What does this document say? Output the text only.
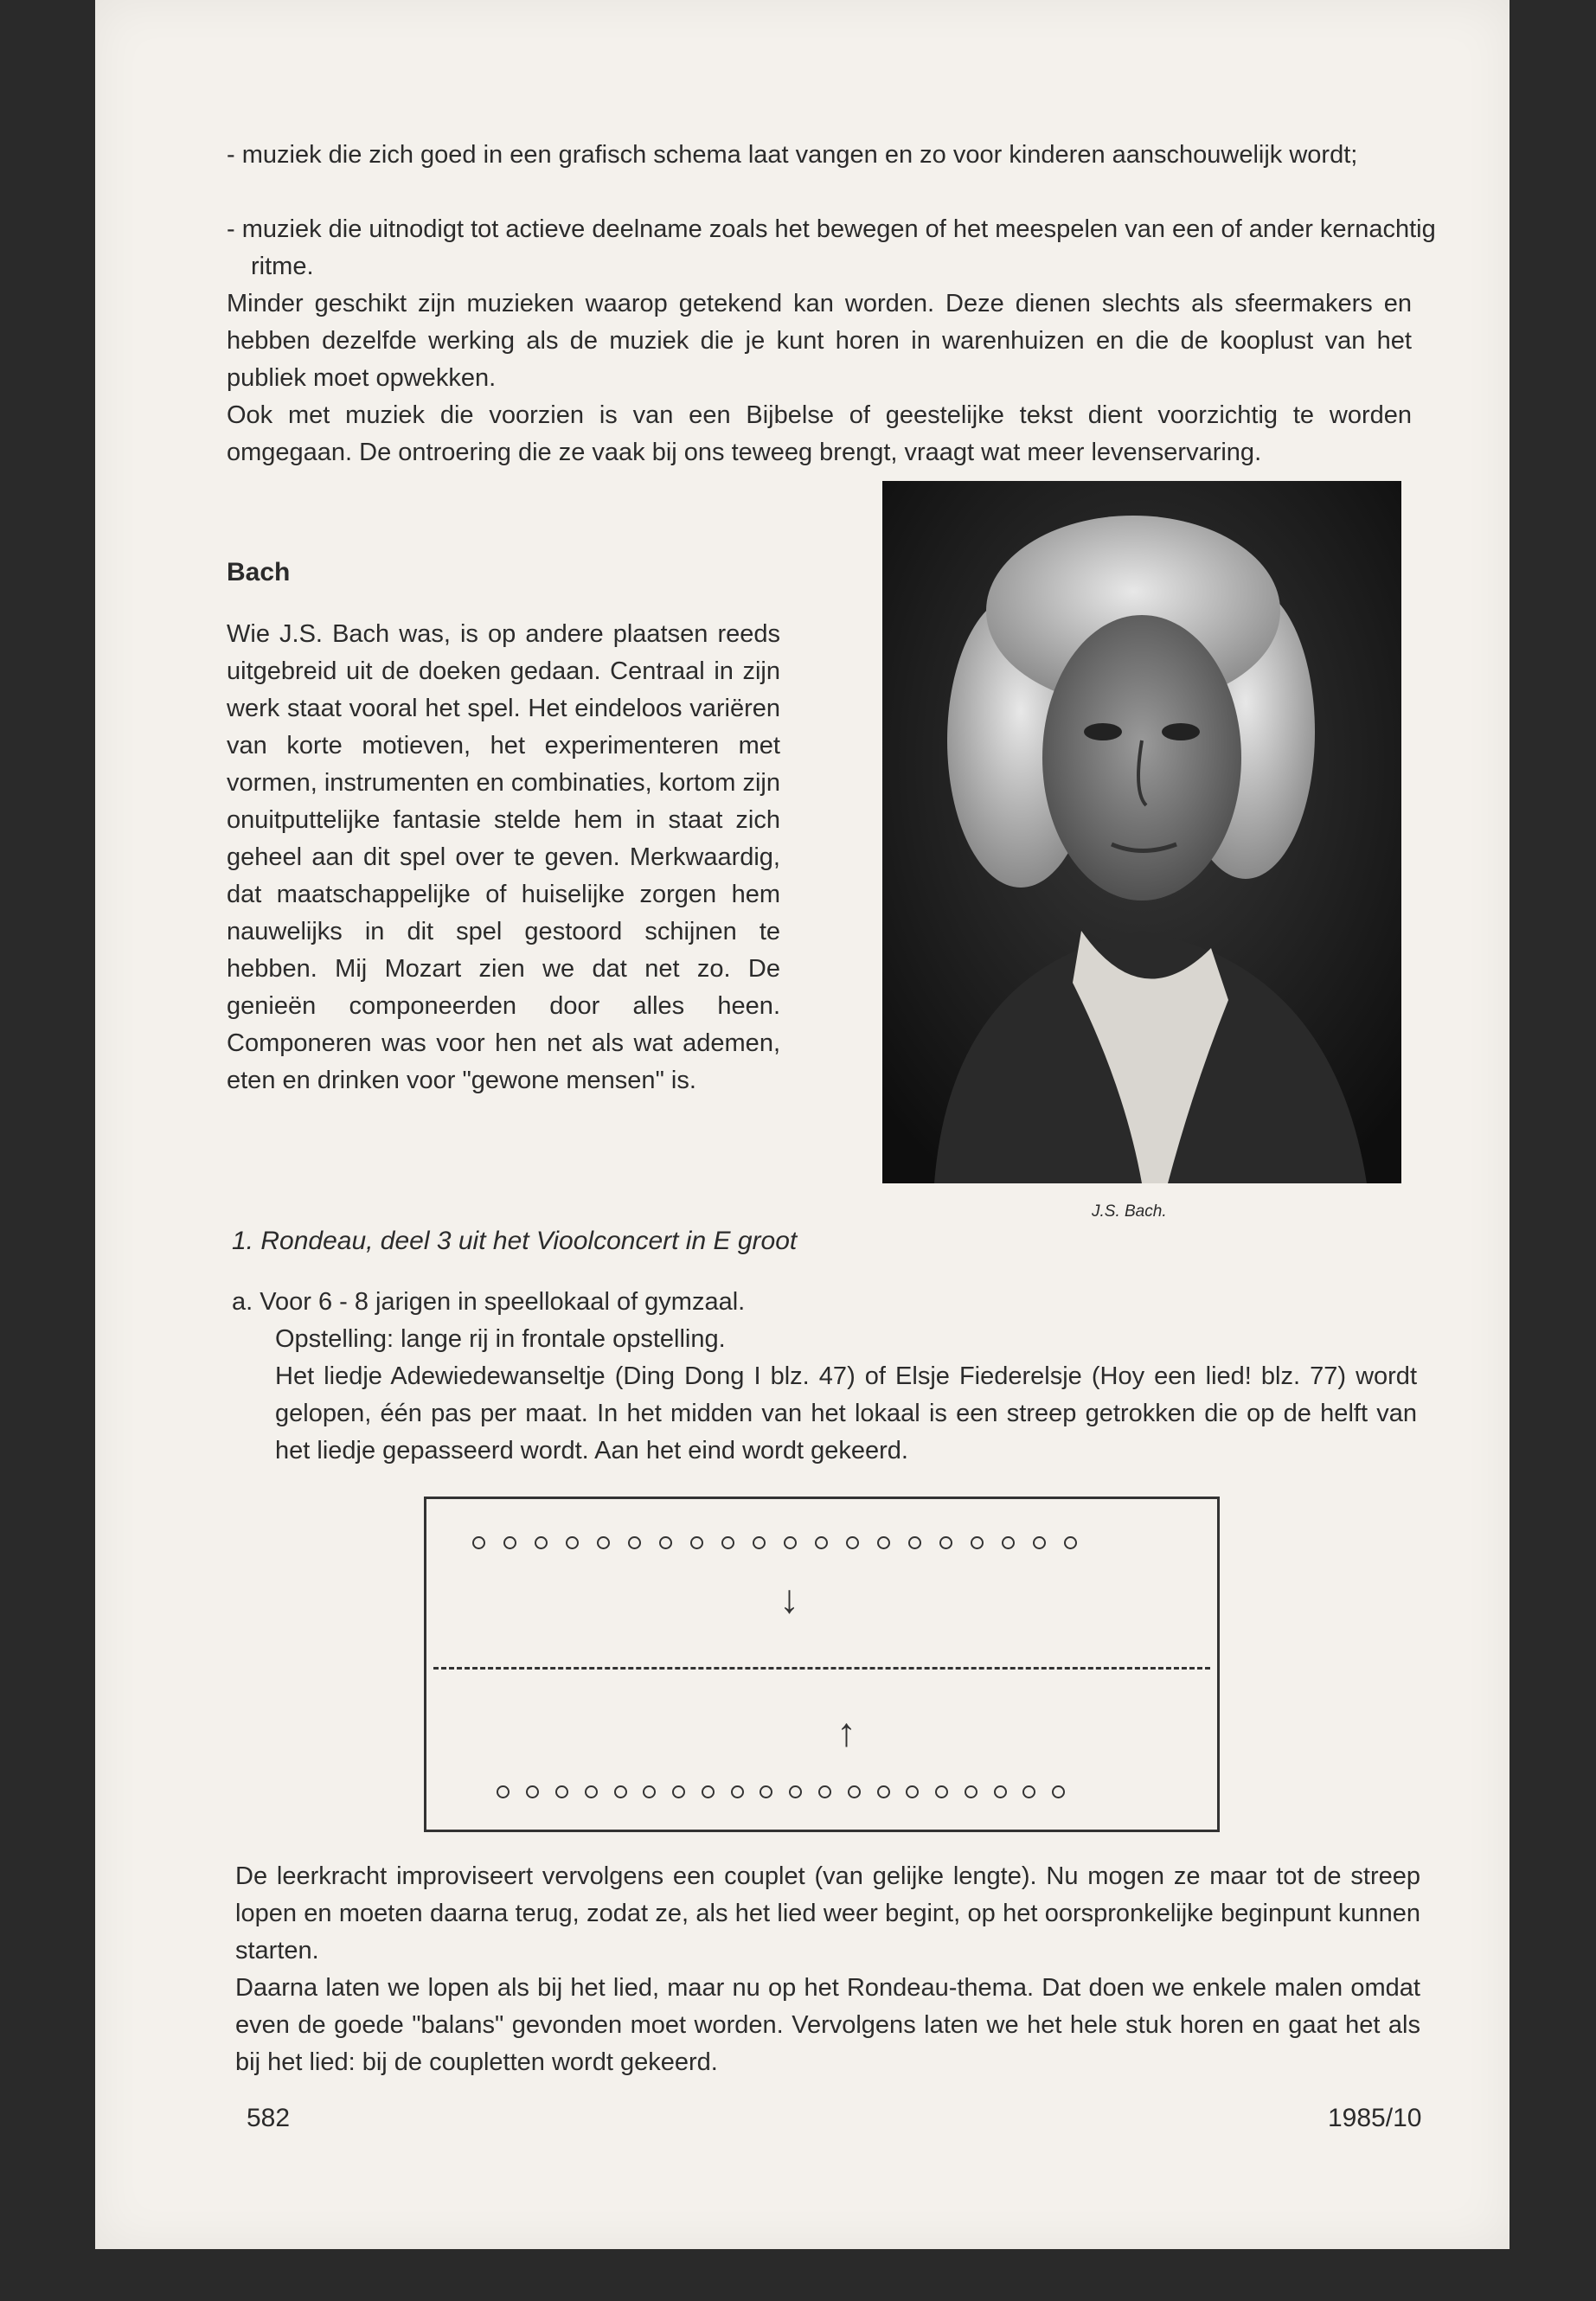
- muziek die zich goed in een grafisch schema laat vangen en zo voor kinderen aanschouwelijk wordt;
- muziek die uitnodigt tot actieve deelname zoals het bewegen of het meespelen van een of ander kernachtig ritme.
Minder geschikt zijn muzieken waarop getekend kan worden. Deze dienen slechts als sfeermakers en hebben dezelfde werking als de muziek die je kunt horen in warenhuizen en die de kooplust van het publiek moet opwekken.
Ook met muziek die voorzien is van een Bijbelse of geestelijke tekst dient voorzichtig te worden omgegaan. De ontroering die ze vaak bij ons teweeg brengt, vraagt wat meer levenservaring.
Bach
Wie J.S. Bach was, is op andere plaatsen reeds uitgebreid uit de doeken gedaan. Centraal in zijn werk staat vooral het spel. Het eindeloos variëren van korte motieven, het experimenteren met vormen, instrumenten en combinaties, kortom zijn onuitputtelijke fantasie stelde hem in staat zich geheel aan dit spel over te geven. Merkwaardig, dat maatschappelijke of huiselijke zorgen hem nauwelijks in dit spel gestoord schijnen te hebben. Mij Mozart zien we dat net zo. De genieën componeerden door alles heen. Componeren was voor hen net als wat ademen, eten en drinken voor "gewone mensen" is.
J.S. Bach.
1. Rondeau, deel 3 uit het Vioolconcert in E groot
a. Voor 6 - 8 jarigen in speellokaal of gymzaal.
Opstelling: lange rij in frontale opstelling.
Het liedje Adewiedewanseltje (Ding Dong I blz. 47) of Elsje Fiederelsje (Hoy een lied! blz. 77) wordt gelopen, één pas per maat. In het midden van het lokaal is een streep getrokken die op de helft van het liedje gepasseerd wordt. Aan het eind wordt gekeerd.
↓
↑
De leerkracht improviseert vervolgens een couplet (van gelijke lengte). Nu mogen ze maar tot de streep lopen en moeten daarna terug, zodat ze, als het lied weer begint, op het oorspronkelijke beginpunt kunnen starten.
Daarna laten we lopen als bij het lied, maar nu op het Rondeau-thema. Dat doen we enkele malen omdat even de goede "balans" gevonden moet worden. Vervolgens laten we het hele stuk horen en gaat het als bij het lied: bij de coupletten wordt gekeerd.
582	1985/10
